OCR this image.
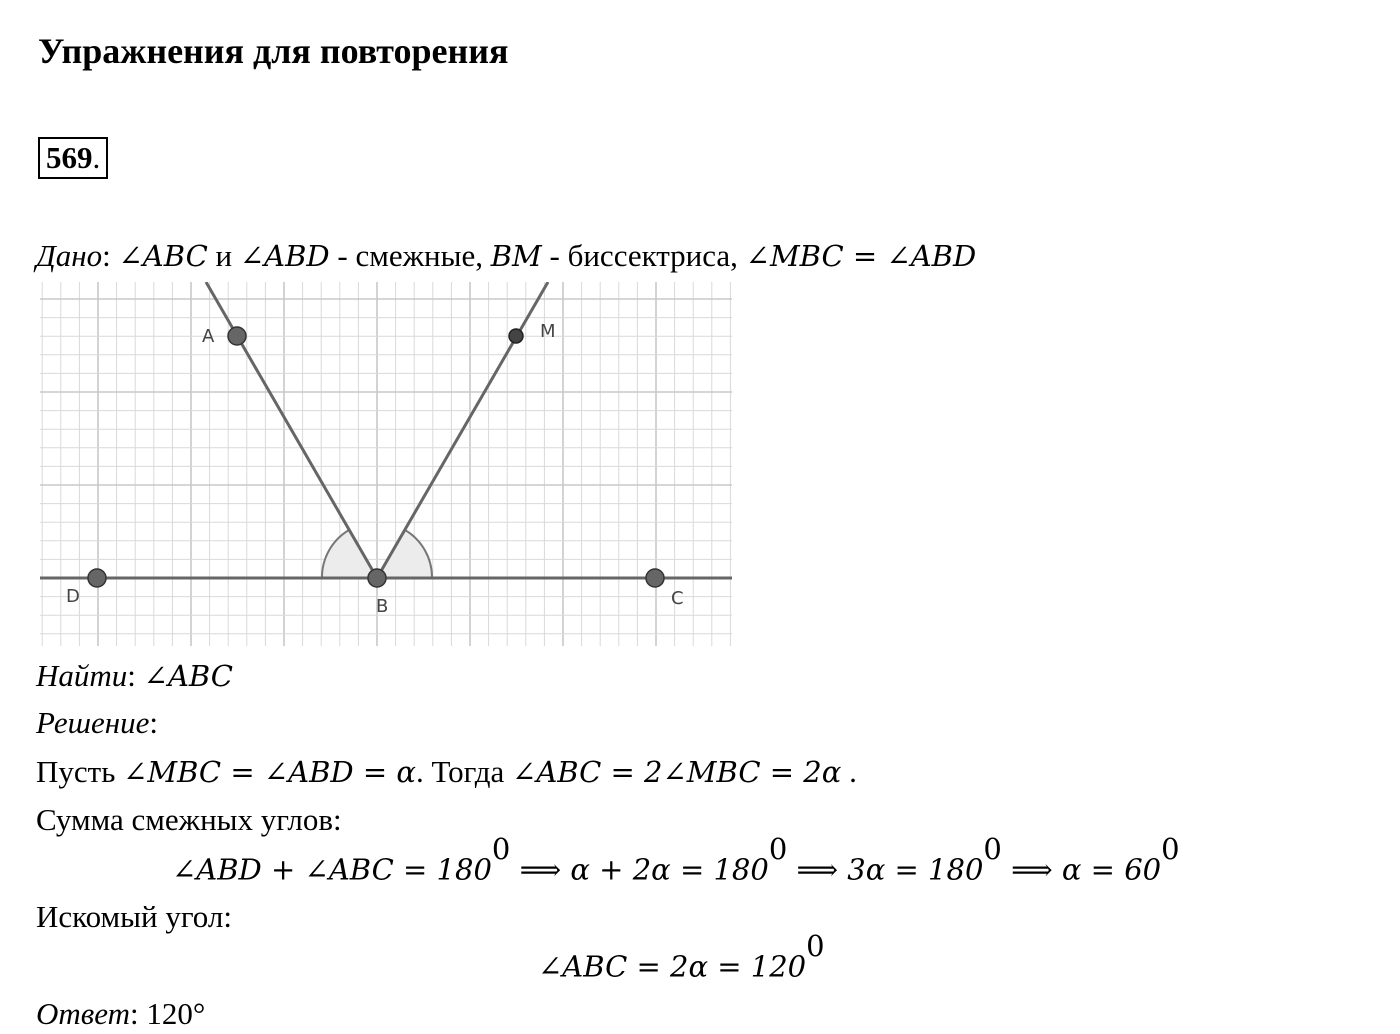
Упражнения для повторения
569.
Дано: ∠ABC и ∠ABD - смежные, BM - биссектриса, ∠MBC = ∠ABD
A	M
D	B	C
Найти: ∠ABC
Решение:
Пусть ∠MBC = ∠ABD = α. Тогда ∠ABC = 2∠MBC = 2α .
Сумма смежных углов:
∠ABD + ∠ABC = $180^0$ ⟹ $\alpha + 2\alpha = 180^0$ ⟹ $3\alpha = 180^0$ ⟹ $\alpha = 60^0$
Искомый угол:
∠ABC = $2\alpha = 120^0$
Ответ: 120°
